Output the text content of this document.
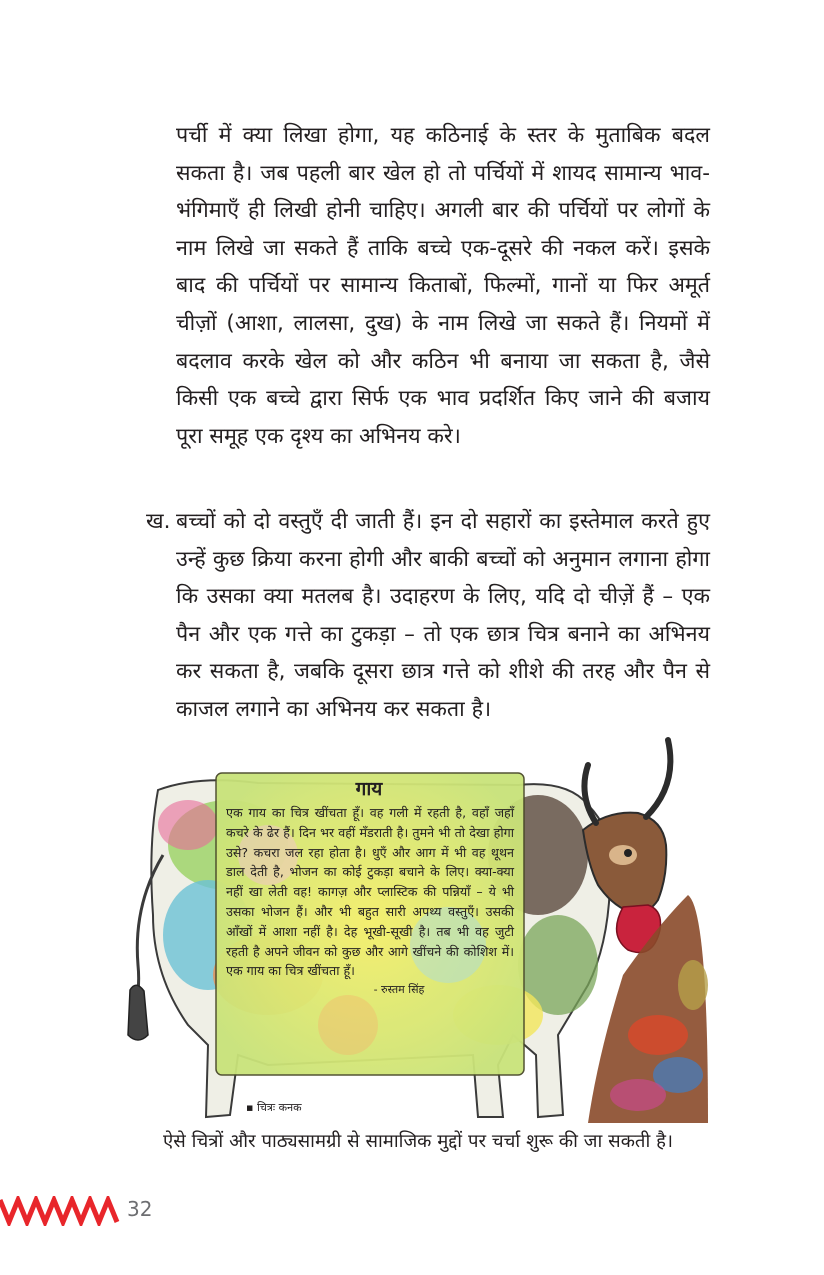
पर्ची में क्या लिखा होगा, यह कठिनाई के स्तर के मुताबिक बदल सकता है। जब पहली बार खेल हो तो पर्चियों में शायद सामान्य भाव-भंगिमाएँ ही लिखी होनी चाहिए। अगली बार की पर्चियों पर लोगों के नाम लिखे जा सकते हैं ताकि बच्चे एक-दूसरे की नकल करें। इसके बाद की पर्चियों पर सामान्य किताबों, फिल्मों, गानों या फिर अमूर्त चीज़ों (आशा, लालसा, दुख) के नाम लिखे जा सकते हैं। नियमों में बदलाव करके खेल को और कठिन भी बनाया जा सकता है, जैसे किसी एक बच्चे द्वारा सिर्फ एक भाव प्रदर्शित किए जाने की बजाय पूरा समूह एक दृश्य का अभिनय करे।

ख. बच्चों को दो वस्तुएँ दी जाती हैं। इन दो सहारों का इस्तेमाल करते हुए उन्हें कुछ क्रिया करना होगी और बाकी बच्चों को अनुमान लगाना होगा कि उसका क्या मतलब है। उदाहरण के लिए, यदि दो चीज़ें हैं – एक पैन और एक गत्ते का टुकड़ा – तो एक छात्र चित्र बनाने का अभिनय कर सकता है, जबकि दूसरा छात्र गत्ते को शीशे की तरह और पैन से काजल लगाने का अभिनय कर सकता है।

गाय
एक गाय का चित्र खींचता हूँ। वह गली में रहती है, वहाँ जहाँ कचरे के ढेर हैं। दिन भर वहीं मँडराती है। तुमने भी तो देखा होगा उसे? कचरा जल रहा होता है। धुएँ और आग में भी वह थूथन डाल देती है, भोजन का कोई टुकड़ा बचाने के लिए। क्या-क्या नहीं खा लेती वह! कागज़ और प्लास्टिक की पन्नियाँ – ये भी उसका भोजन हैं। और भी बहुत सारी अपथ्य वस्तुएँ। उसकी आँखों में आशा नहीं है। देह भूखी-सूखी है। तब भी वह जुटी रहती है अपने जीवन को कुछ और आगे खींचने की कोशिश में। एक गाय का चित्र खींचता हूँ।
- रुस्तम सिंह
▪ चित्रः कनक
ऐसे चित्रों और पाठ्यसामग्री से सामाजिक मुद्दों पर चर्चा शुरू की जा सकती है।
32
